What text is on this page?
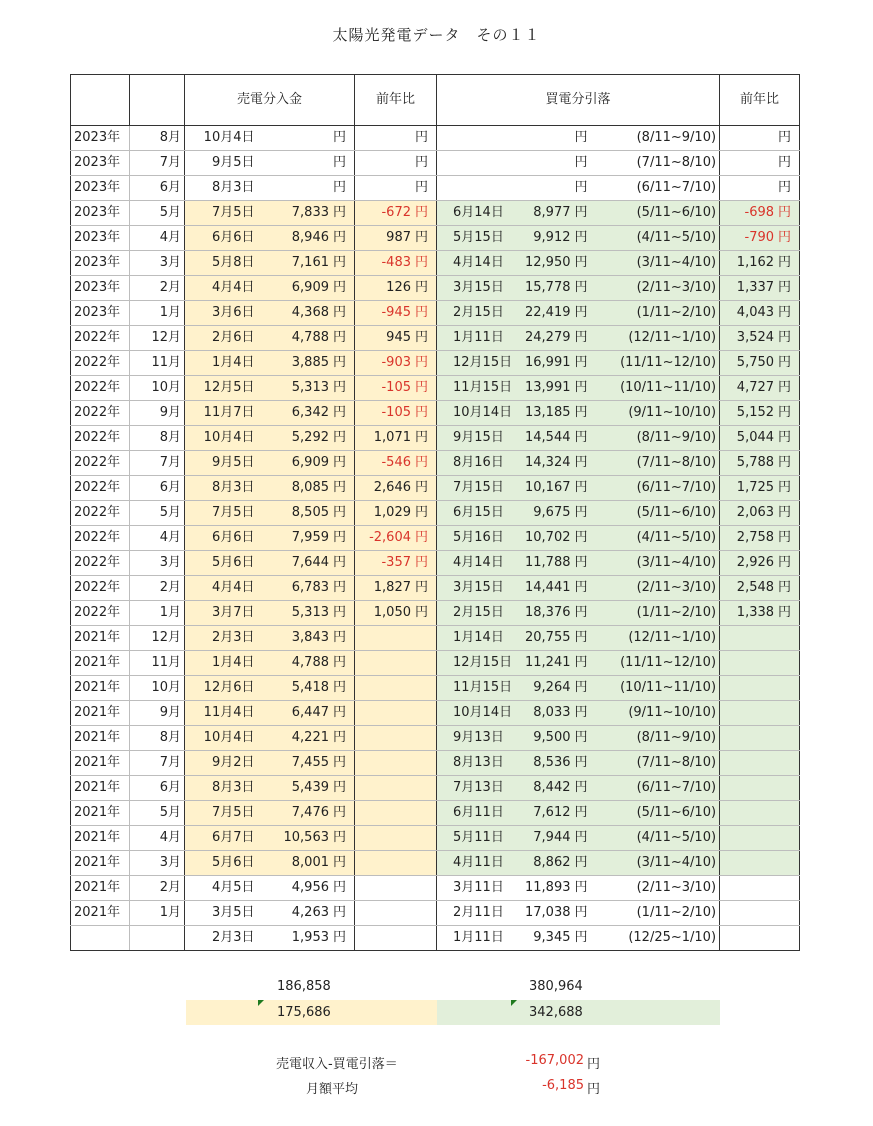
太陽光発電データ　その１１
		売電分入金		前年比	買電分引落			前年比
2023年	8月	10月4日	円	円		円	(8/11~9/10)	円
2023年	7月	9月5日	円	円		円	(7/11~8/10)	円
2023年	6月	8月3日	円	円		円	(6/11~7/10)	円
2023年	5月	7月5日	7,833 円	-672 円	6月14日	8,977 円	(5/11~6/10)	-698 円
2023年	4月	6月6日	8,946 円	987 円	5月15日	9,912 円	(4/11~5/10)	-790 円
2023年	3月	5月8日	7,161 円	-483 円	4月14日	12,950 円	(3/11~4/10)	1,162 円
2023年	2月	4月4日	6,909 円	126 円	3月15日	15,778 円	(2/11~3/10)	1,337 円
2023年	1月	3月6日	4,368 円	-945 円	2月15日	22,419 円	(1/11~2/10)	4,043 円
2022年	12月	2月6日	4,788 円	945 円	1月11日	24,279 円	(12/11~1/10)	3,524 円
2022年	11月	1月4日	3,885 円	-903 円	12月15日	16,991 円	(11/11~12/10)	5,750 円
2022年	10月	12月5日	5,313 円	-105 円	11月15日	13,991 円	(10/11~11/10)	4,727 円
2022年	9月	11月7日	6,342 円	-105 円	10月14日	13,185 円	(9/11~10/10)	5,152 円
2022年	8月	10月4日	5,292 円	1,071 円	9月15日	14,544 円	(8/11~9/10)	5,044 円
2022年	7月	9月5日	6,909 円	-546 円	8月16日	14,324 円	(7/11~8/10)	5,788 円
2022年	6月	8月3日	8,085 円	2,646 円	7月15日	10,167 円	(6/11~7/10)	1,725 円
2022年	5月	7月5日	8,505 円	1,029 円	6月15日	9,675 円	(5/11~6/10)	2,063 円
2022年	4月	6月6日	7,959 円	-2,604 円	5月16日	10,702 円	(4/11~5/10)	2,758 円
2022年	3月	5月6日	7,644 円	-357 円	4月14日	11,788 円	(3/11~4/10)	2,926 円
2022年	2月	4月4日	6,783 円	1,827 円	3月15日	14,441 円	(2/11~3/10)	2,548 円
2022年	1月	3月7日	5,313 円	1,050 円	2月15日	18,376 円	(1/11~2/10)	1,338 円
2021年	12月	2月3日	3,843 円		1月14日	20,755 円	(12/11~1/10)	
2021年	11月	1月4日	4,788 円		12月15日	11,241 円	(11/11~12/10)	
2021年	10月	12月6日	5,418 円		11月15日	9,264 円	(10/11~11/10)	
2021年	9月	11月4日	6,447 円		10月14日	8,033 円	(9/11~10/10)	
2021年	8月	10月4日	4,221 円		9月13日	9,500 円	(8/11~9/10)	
2021年	7月	9月2日	7,455 円		8月13日	8,536 円	(7/11~8/10)	
2021年	6月	8月3日	5,439 円		7月13日	8,442 円	(6/11~7/10)	
2021年	5月	7月5日	7,476 円		6月11日	7,612 円	(5/11~6/10)	
2021年	4月	6月7日	10,563 円		5月11日	7,944 円	(4/11~5/10)	
2021年	3月	5月6日	8,001 円		4月11日	8,862 円	(3/11~4/10)	
2021年	2月	4月5日	4,956 円		3月11日	11,893 円	(2/11~3/10)	
2021年	1月	3月5日	4,263 円		2月11日	17,038 円	(1/11~2/10)	
		2月3日	1,953 円		1月11日	9,345 円	(12/25~1/10)	
186,858	380,964
175,686	342,688
売電収入-買電引落＝	-167,002 円
月額平均	-6,185 円
